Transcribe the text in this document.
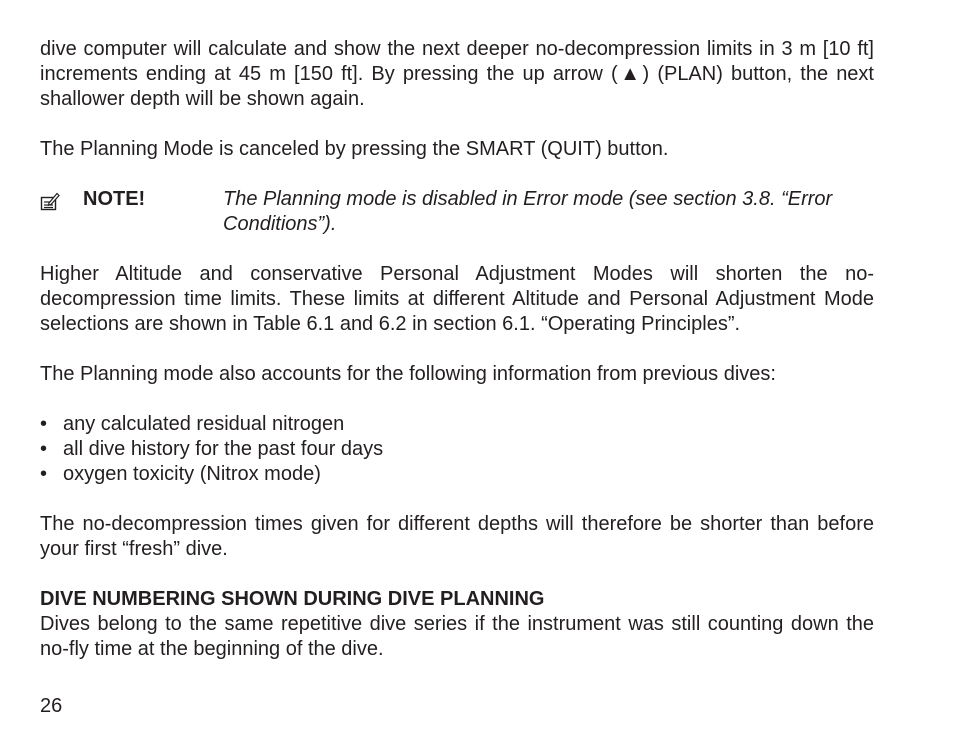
dive computer will calculate and show the next deeper no-decompression limits in 3 m [10 ft] increments ending at 45 m [150 ft]. By pressing the up arrow (▲) (PLAN) button, the next shallower depth will be shown again.

The Planning Mode is canceled by pressing the SMART (QUIT) button.

NOTE!	The Planning mode is disabled in Error mode (see section 3.8. “Error Conditions”).

Higher Altitude and conservative Personal Adjustment Modes will shorten the no-decompression time limits. These limits at different Altitude and Personal Adjustment Mode selections are shown in Table 6.1 and 6.2 in section 6.1. “Operating Principles”.

The Planning mode also accounts for the following information from previous dives:

• any calculated residual nitrogen
• all dive history for the past four days
• oxygen toxicity (Nitrox mode)

The no-decompression times given for different depths will therefore be shorter than before your first “fresh” dive.

DIVE NUMBERING SHOWN DURING DIVE PLANNING

Dives belong to the same repetitive dive series if the instrument was still counting down the no-fly time at the beginning of the dive.

26
